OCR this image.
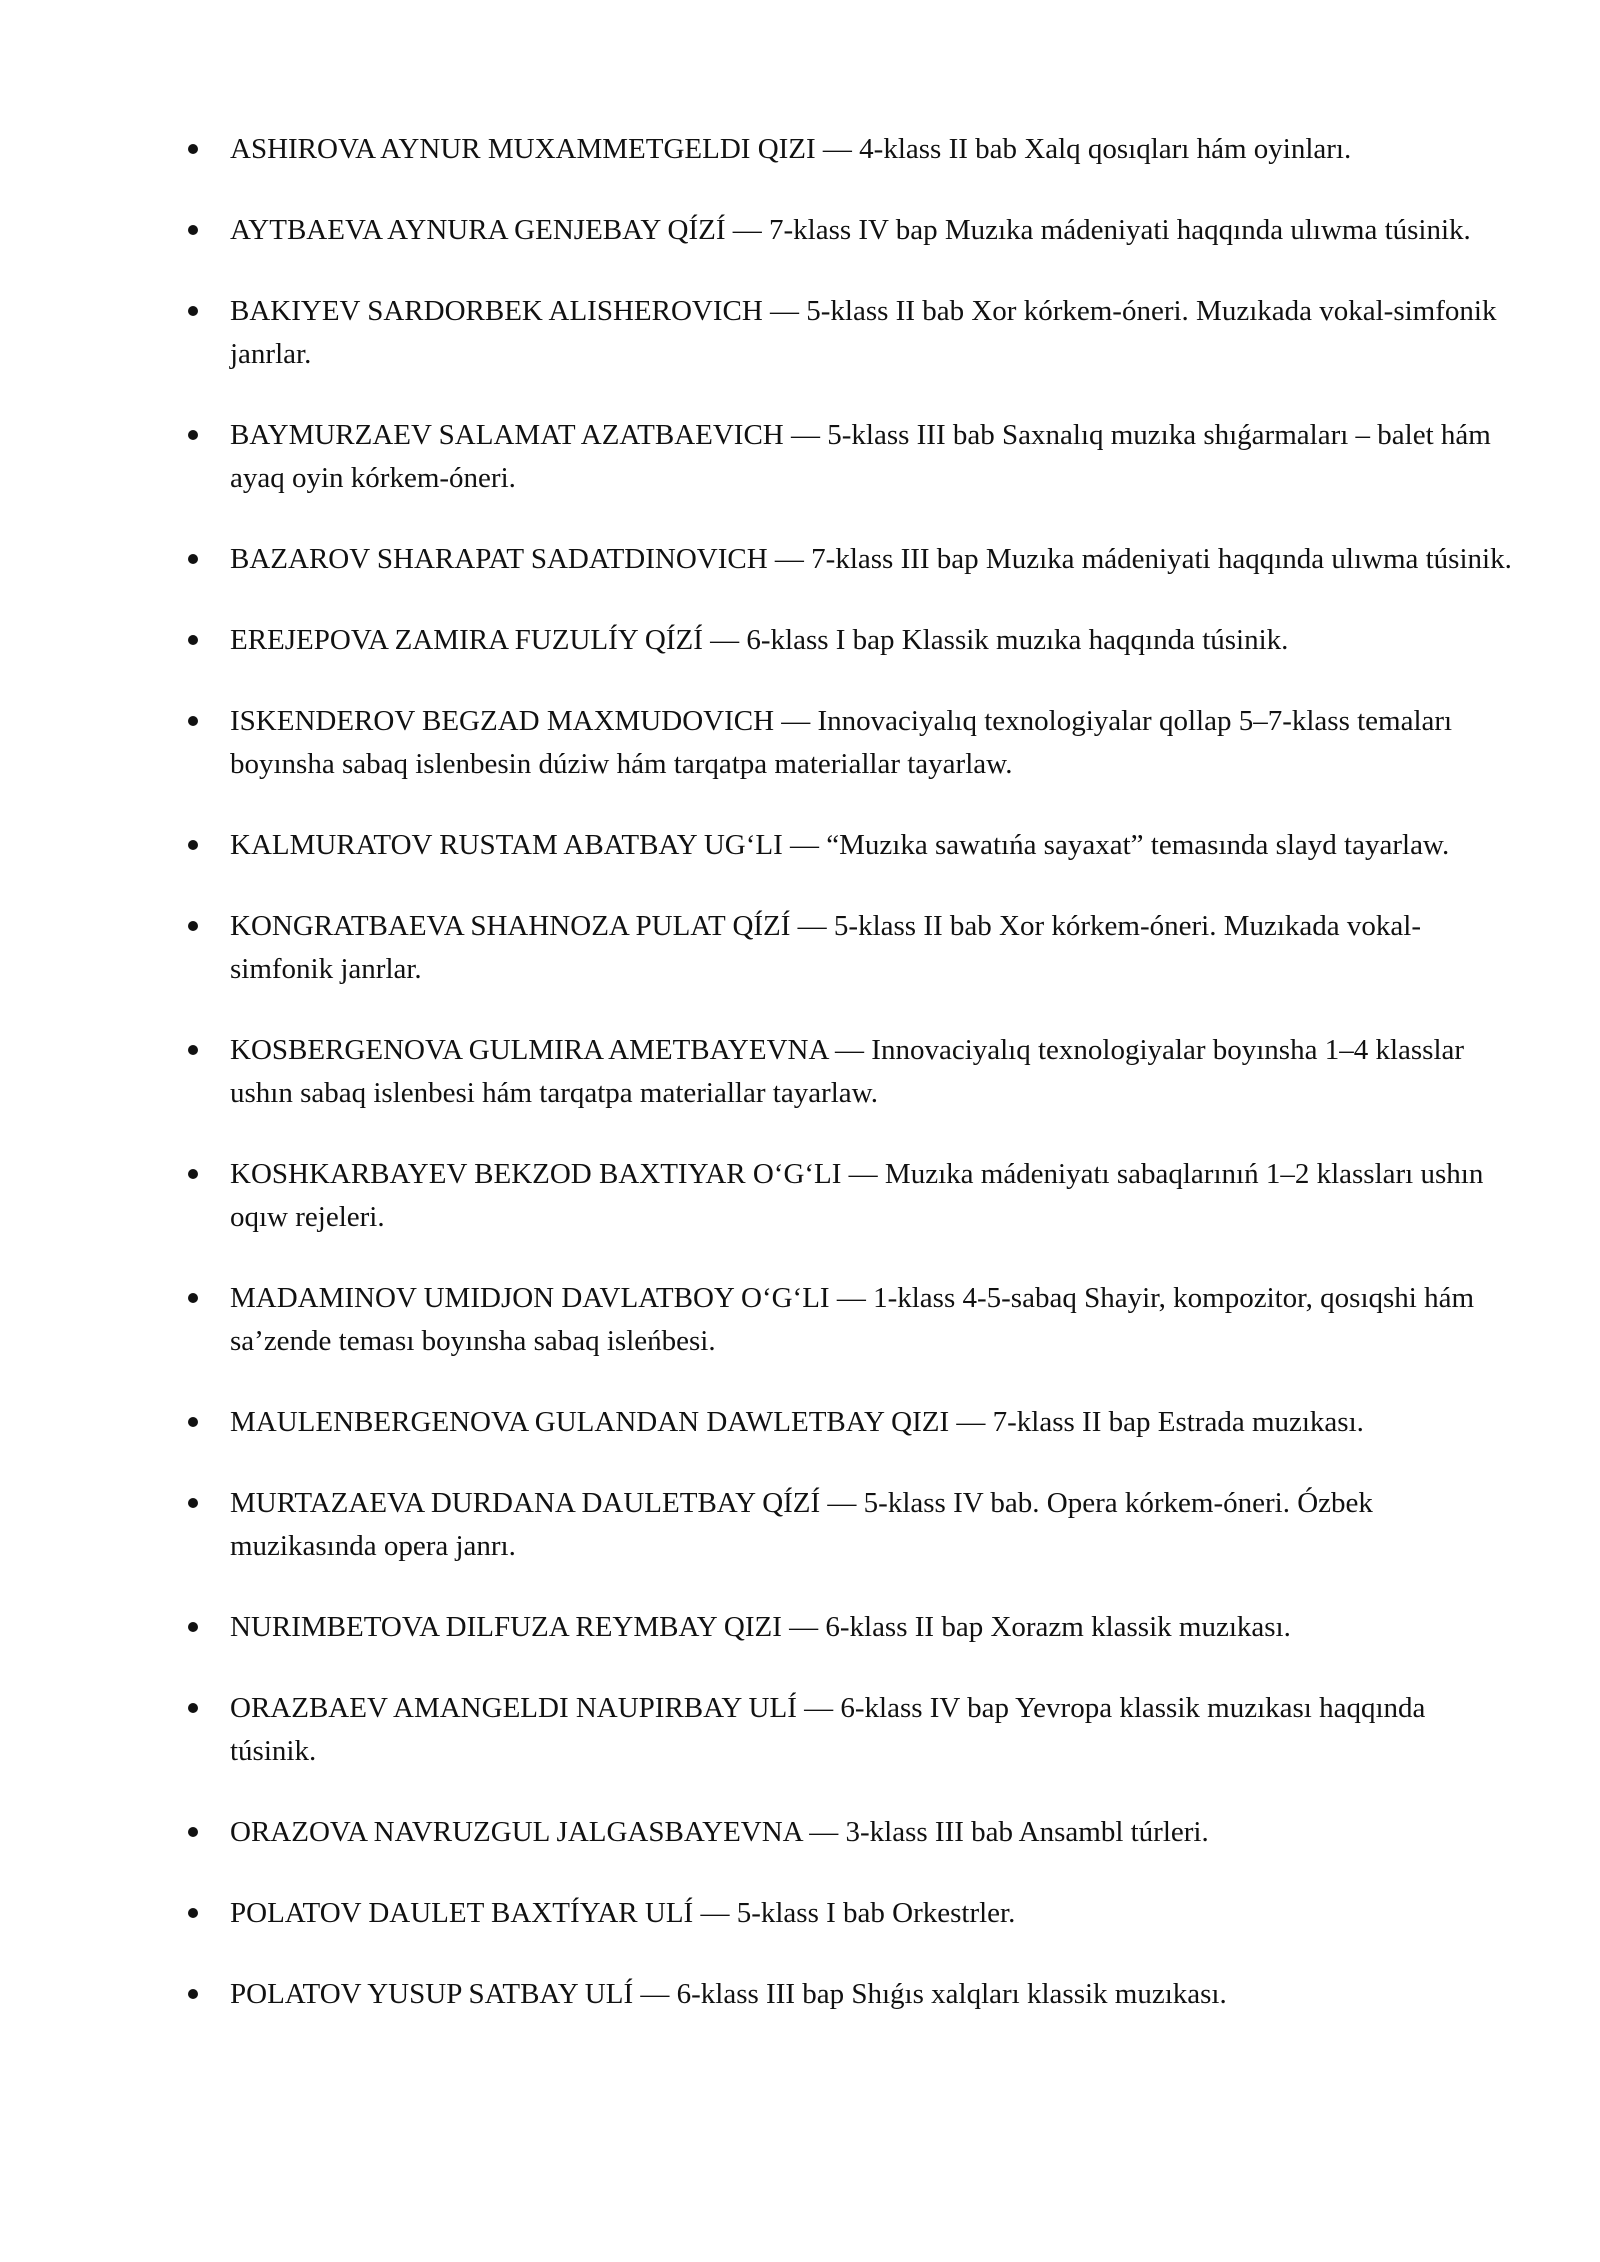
ASHIROVA AYNUR MUXAMMETGELDI QIZI — 4-klass II bab Xalq qosıqları hám oyinları.
AYTBAEVA AYNURA GENJEBAY QÍZÍ — 7-klass IV bap Muzıka mádeniyati haqqında ulıwma túsinik.
BAKIYEV SARDORBEK ALISHEROVICH — 5-klass II bab Xor kórkem-óneri. Muzıkada vokal-simfonik janrlar.
BAYMURZAEV SALAMAT AZATBAEVICH — 5-klass III bab Saxnalıq muzıka shıǵarmaları – balet hám ayaq oyin kórkem-óneri.
BAZAROV SHARAPAT SADATDINOVICH — 7-klass III bap Muzıka mádeniyati haqqında ulıwma túsinik.
EREJEPOVA ZAMIRA FUZULÍY QÍZÍ — 6-klass I bap Klassik muzıka haqqında túsinik.
ISKENDEROV BEGZAD MAXMUDOVICH — Innovaciyalıq texnologiyalar qollap 5–7-klass temaları boyınsha sabaq islenbesin dúziw hám tarqatpa materiallar tayarlaw.
KALMURATOV RUSTAM ABATBAY UGʻLI — “Muzıka sawatıńa sayaxat” temasında slayd tayarlaw.
KONGRATBAEVA SHAHNOZA PULAT QÍZÍ — 5-klass II bab Xor kórkem-óneri. Muzıkada vokal-simfonik janrlar.
KOSBERGENOVA GULMIRA AMETBAYEVNA — Innovaciyalıq texnologiyalar boyınsha 1–4 klasslar ushın sabaq islenbesi hám tarqatpa materiallar tayarlaw.
KOSHKARBAYEV BEKZOD BAXTIYAR OʻGʻLI — Muzıka mádeniyatı sabaqlarınıń 1–2 klassları ushın oqıw rejeleri.
MADAMINOV UMIDJON DAVLATBOY OʻGʻLI — 1-klass 4-5-sabaq Shayir, kompozitor, qosıqshi hám sa’zende teması boyınsha sabaq isleńbesi.
MAULENBERGENOVA GULANDAN DAWLETBAY QIZI — 7-klass II bap Estrada muzıkası.
MURTAZAEVA DURDANA DAULETBAY QÍZÍ — 5-klass IV bab. Opera kórkem-óneri. Ózbek muzikasında opera janrı.
NURIMBETOVA DILFUZA REYMBAY QIZI — 6-klass II bap Xorazm klassik muzıkası.
ORAZBAEV AMANGELDI NAUPIRBAY ULÍ — 6-klass IV bap Yevropa klassik muzıkası haqqında túsinik.
ORAZOVA NAVRUZGUL JALGASBAYEVNA — 3-klass III bab Ansambl túrleri.
POLATOV DAULET BAXTÍYAR ULÍ — 5-klass I bab Orkestrler.
POLATOV YUSUP SATBAY ULÍ — 6-klass III bap Shıǵıs xalqları klassik muzıkası.
